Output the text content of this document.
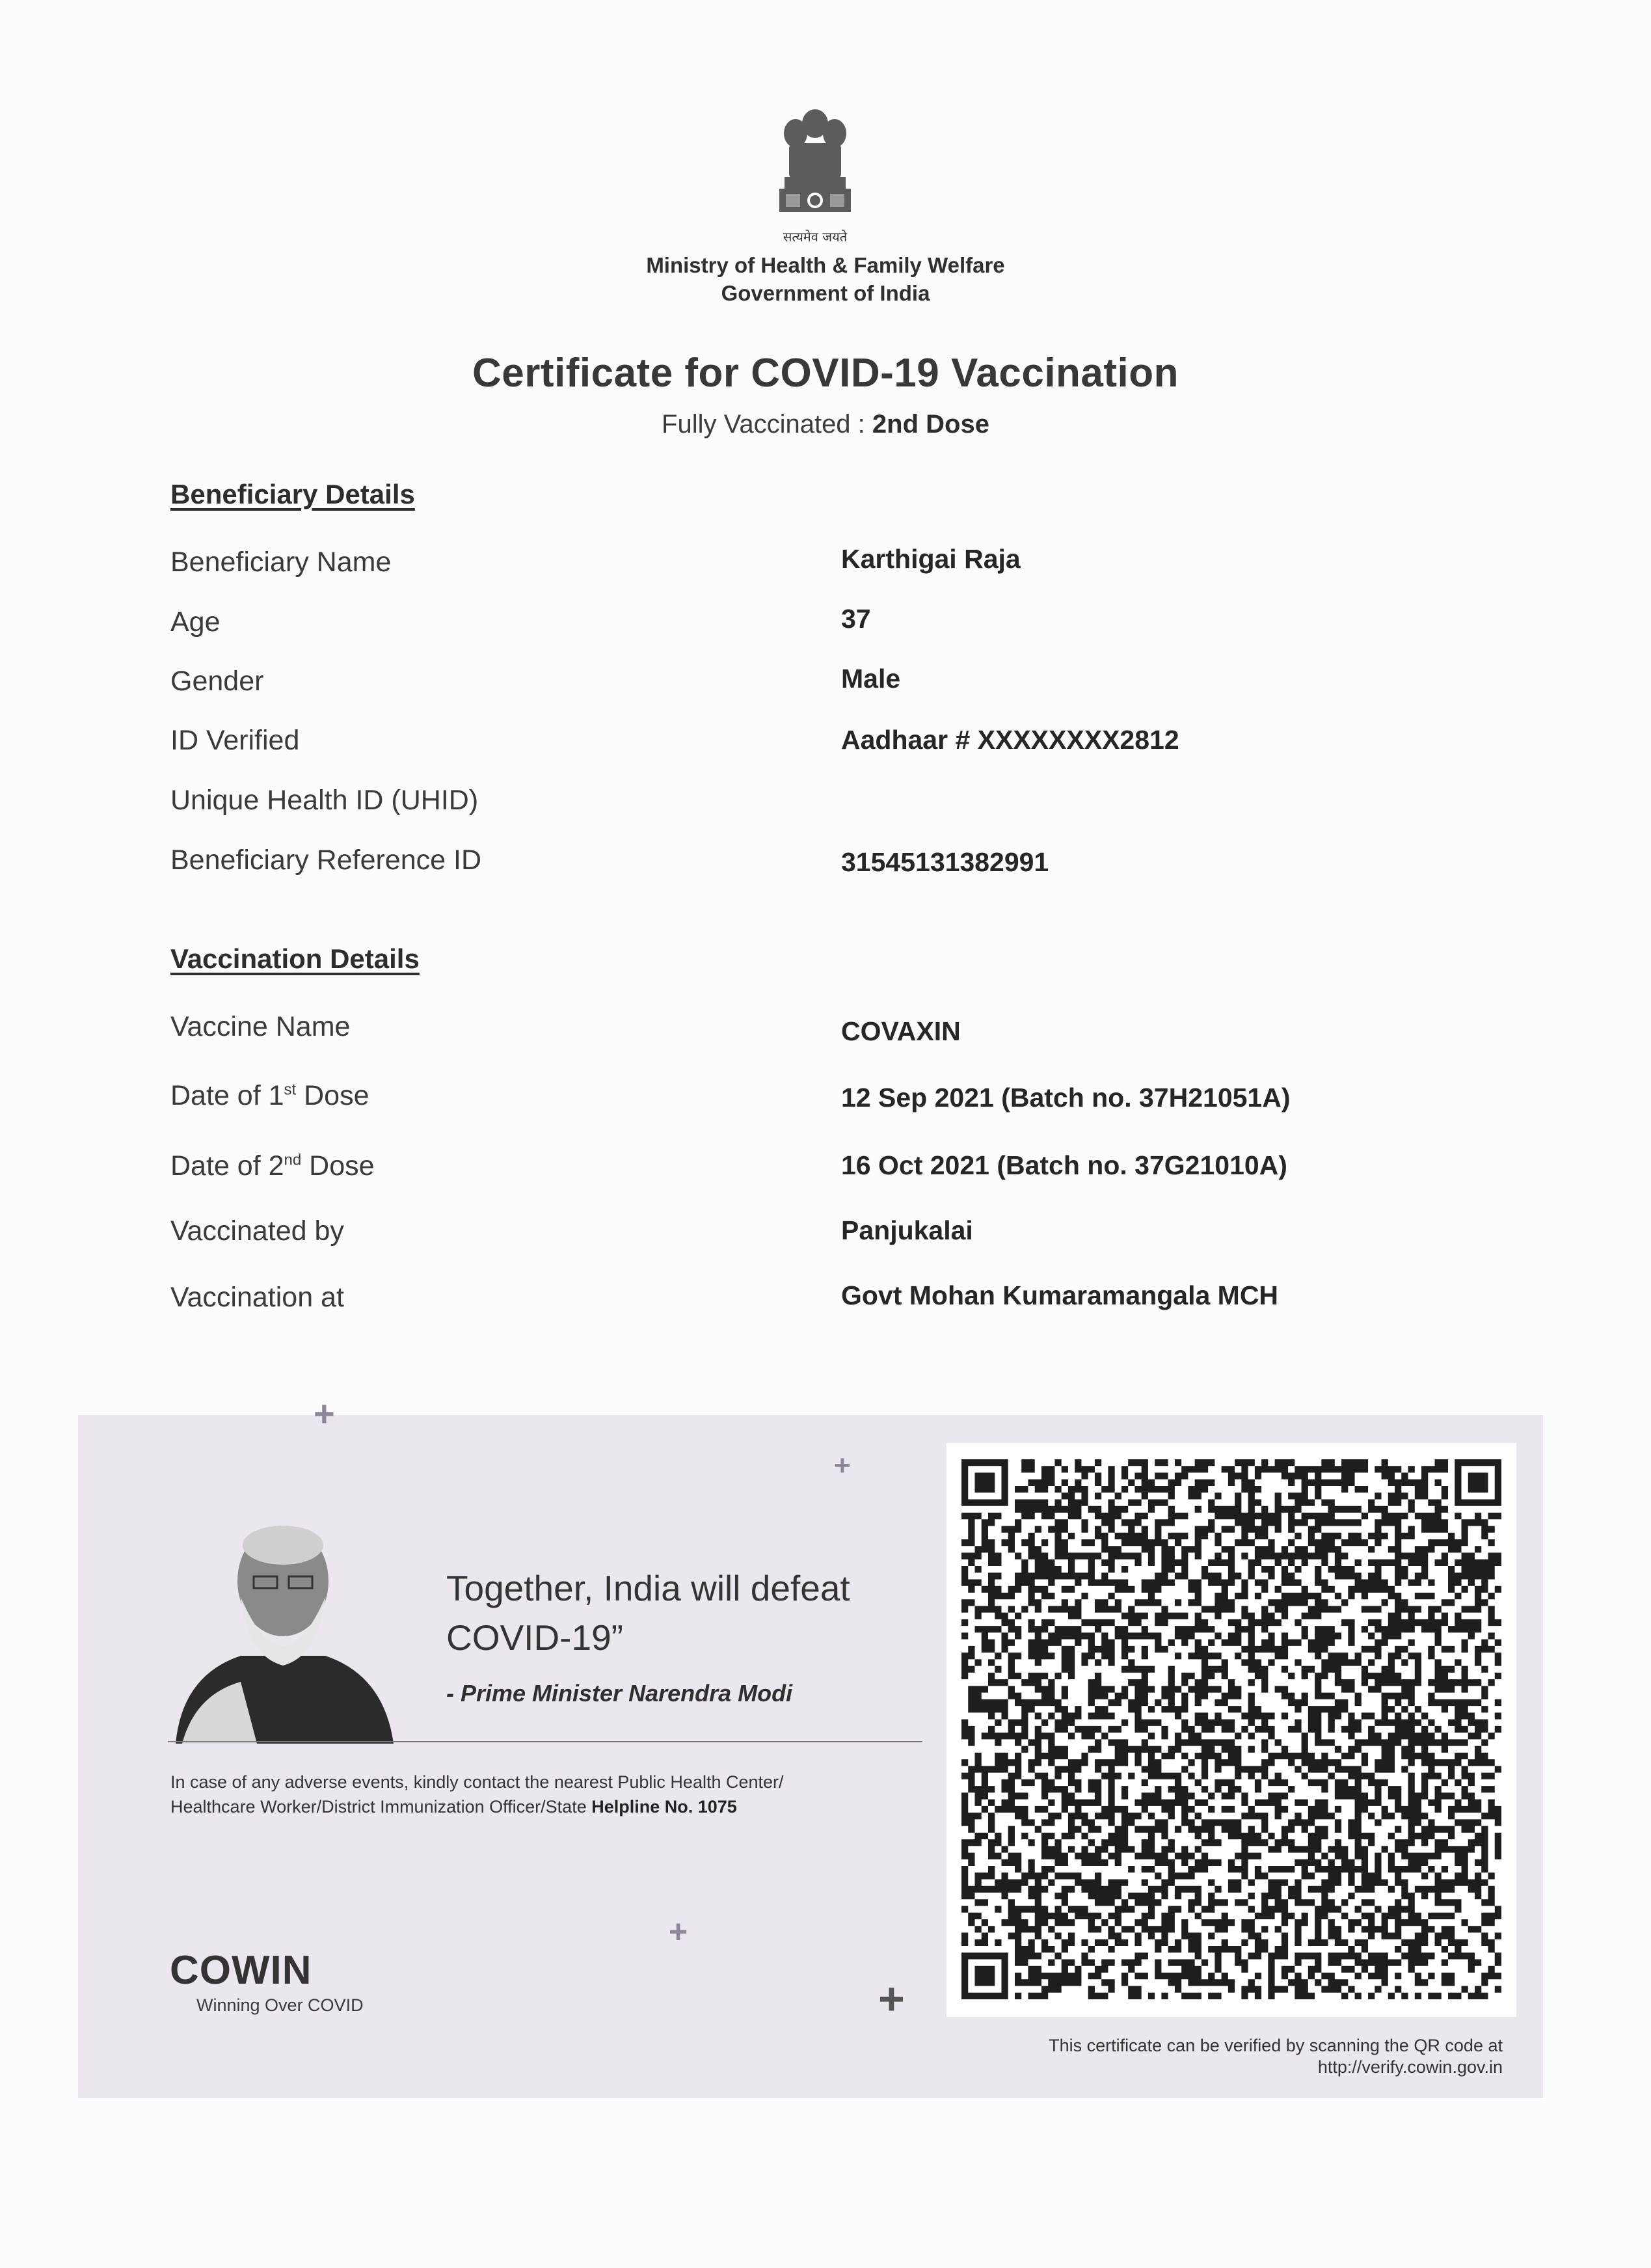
सत्यमेव जयते
Ministry of Health & Family Welfare
Government of India
Certificate for COVID-19 Vaccination
Fully Vaccinated : 2nd Dose
Beneficiary Details
Beneficiary Name	Karthigai Raja
Age	37
Gender	Male
ID Verified	Aadhaar # XXXXXXXX2812
Unique Health ID (UHID)
Beneficiary Reference ID	31545131382991
Vaccination Details
Vaccine Name	COVAXIN
Date of 1st Dose	12 Sep 2021 (Batch no. 37H21051A)
Date of 2nd Dose	16 Oct 2021 (Batch no. 37G21010A)
Vaccinated by	Panjukalai
Vaccination at	Govt Mohan Kumaramangala MCH
+
+
+
+
Together, India will defeat COVID-19”
- Prime Minister Narendra Modi
In case of any adverse events, kindly contact the nearest Public Health Center/
Healthcare Worker/District Immunization Officer/State Helpline No. 1075
COWIN
Winning Over COVID
This certificate can be verified by scanning the QR code at
http://verify.cowin.gov.in
